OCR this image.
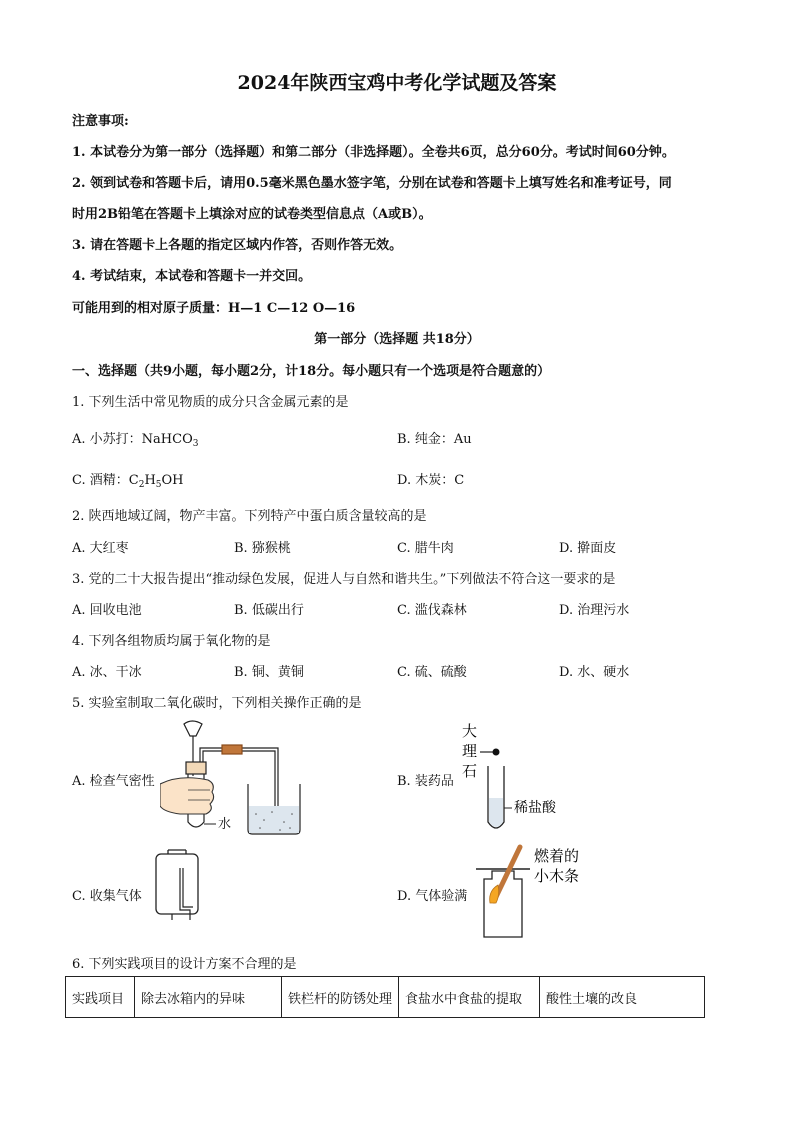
2024年陕西宝鸡中考化学试题及答案
注意事项:
1. 本试卷分为第一部分（选择题）和第二部分（非选择题）。全卷共6页，总分60分。考试时间60分钟。
2. 领到试卷和答题卡后，请用0.5毫米黑色墨水签字笔，分别在试卷和答题卡上填写姓名和准考证号，同
时用2B铅笔在答题卡上填涂对应的试卷类型信息点（A或B）。
3. 请在答题卡上各题的指定区域内作答，否则作答无效。
4. 考试结束，本试卷和答题卡一并交回。
可能用到的相对原子质量：H—1 C—12 O—16
第一部分（选择题 共18分）
一、选择题（共9小题，每小题2分，计18分。每小题只有一个选项是符合题意的）
1. 下列生活中常见物质的成分只含金属元素的是
A. 小苏打：NaHCO$_3$	B. 纯金：Au
C. 酒精：$C_2H_5OH$	D. 木炭：C
2. 陕西地域辽阔，物产丰富。下列特产中蛋白质含量较高的是
A. 大红枣	B. 猕猴桃	C. 腊牛肉	D. 擀面皮
3. 党的二十大报告提出“推动绿色发展，促进人与自然和谐共生。”下列做法不符合这一要求的是
A. 回收电池	B. 低碳出行	C. 滥伐森林	D. 治理污水
4. 下列各组物质均属于氧化物的是
A. 冰、干冰	B. 铜、黄铜	C. 硫、硫酸	D. 水、硬水
5. 实验室制取二氧化碳时，下列相关操作正确的是
A. 检查气密性	B. 装药品
C. 收集气体	D. 气体验满
水
大
理
石
稀盐酸
燃着的
小木条
6. 下列实践项目的设计方案不合理的是
实践项目	除去冰箱内的异味	铁栏杆的防锈处理	食盐水中食盐的提取	酸性土壤的改良
